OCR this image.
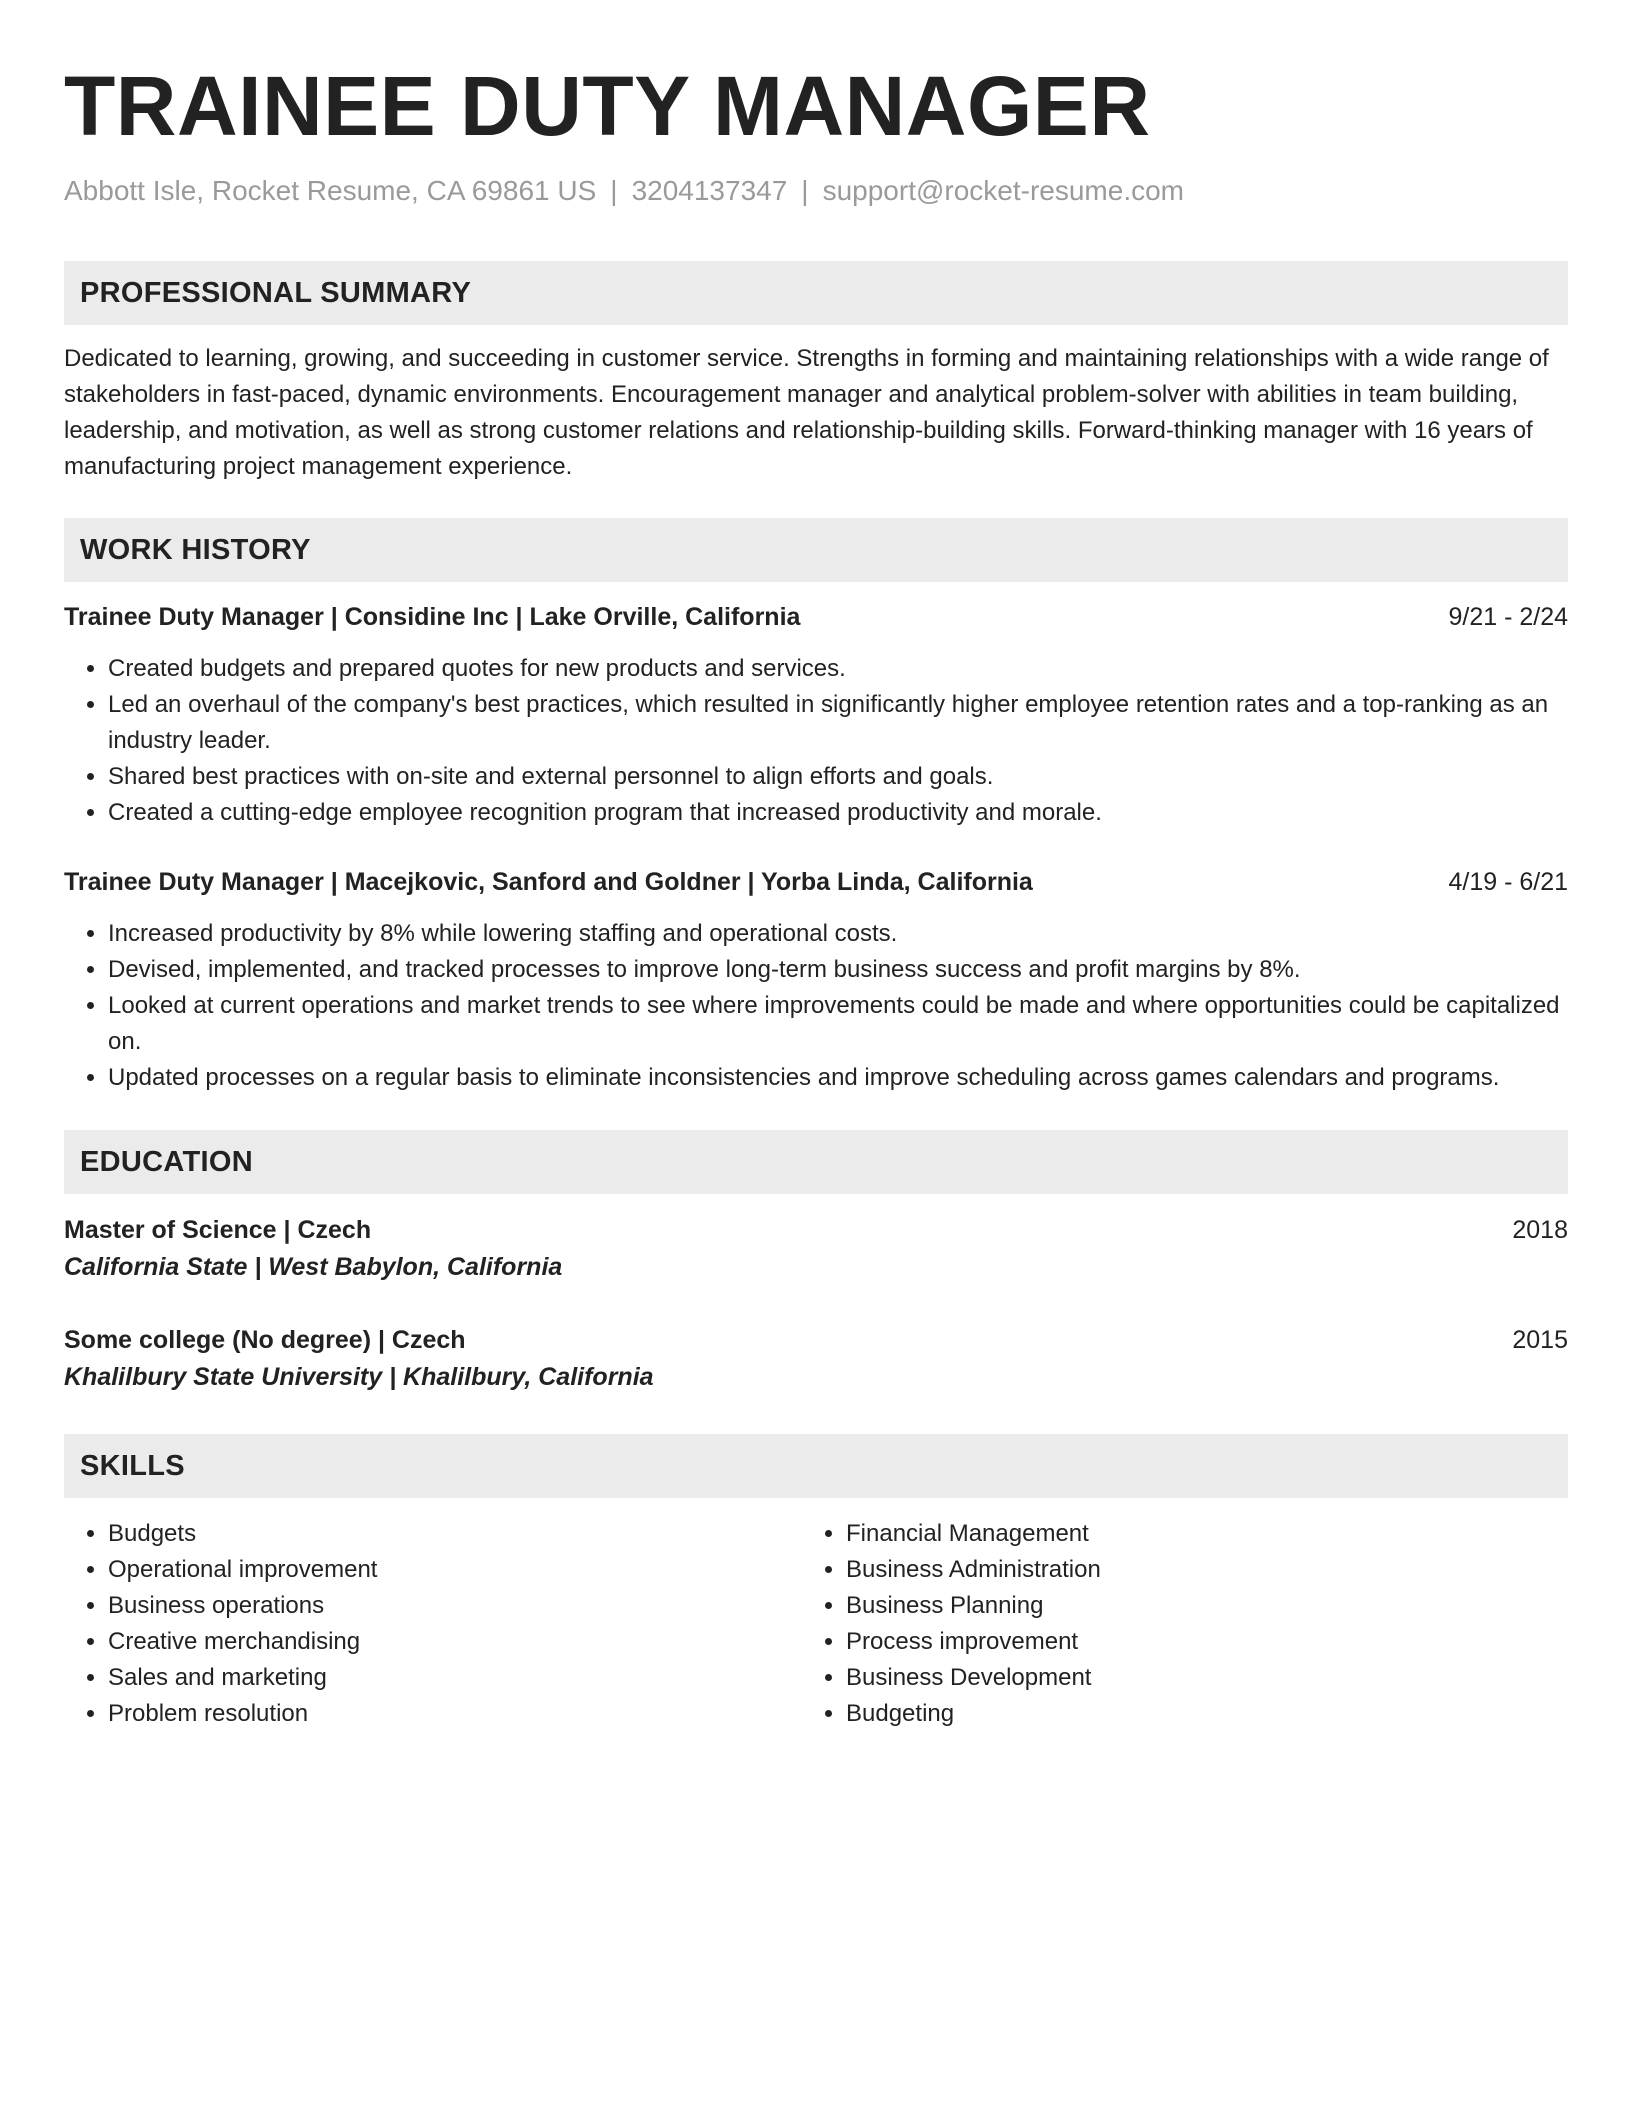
TRAINEE DUTY MANAGER
Abbott Isle, Rocket Resume, CA 69861 US | 3204137347 | support@rocket-resume.com
PROFESSIONAL SUMMARY
Dedicated to learning, growing, and succeeding in customer service. Strengths in forming and maintaining relationships with a wide range of stakeholders in fast-paced, dynamic environments. Encouragement manager and analytical problem-solver with abilities in team building, leadership, and motivation, as well as strong customer relations and relationship-building skills. Forward-thinking manager with 16 years of manufacturing project management experience.
WORK HISTORY
Trainee Duty Manager | Considine Inc | Lake Orville, California	9/21 - 2/24
• Created budgets and prepared quotes for new products and services.
• Led an overhaul of the company's best practices, which resulted in significantly higher employee retention rates and a top-ranking as an industry leader.
• Shared best practices with on-site and external personnel to align efforts and goals.
• Created a cutting-edge employee recognition program that increased productivity and morale.
Trainee Duty Manager | Macejkovic, Sanford and Goldner | Yorba Linda, California	4/19 - 6/21
• Increased productivity by 8% while lowering staffing and operational costs.
• Devised, implemented, and tracked processes to improve long-term business success and profit margins by 8%.
• Looked at current operations and market trends to see where improvements could be made and where opportunities could be capitalized on.
• Updated processes on a regular basis to eliminate inconsistencies and improve scheduling across games calendars and programs.
EDUCATION
Master of Science | Czech	2018
California State | West Babylon, California
Some college (No degree) | Czech	2015
Khalilbury State University | Khalilbury, California
SKILLS
• Budgets
• Operational improvement
• Business operations
• Creative merchandising
• Sales and marketing
• Problem resolution
• Financial Management
• Business Administration
• Business Planning
• Process improvement
• Business Development
• Budgeting
